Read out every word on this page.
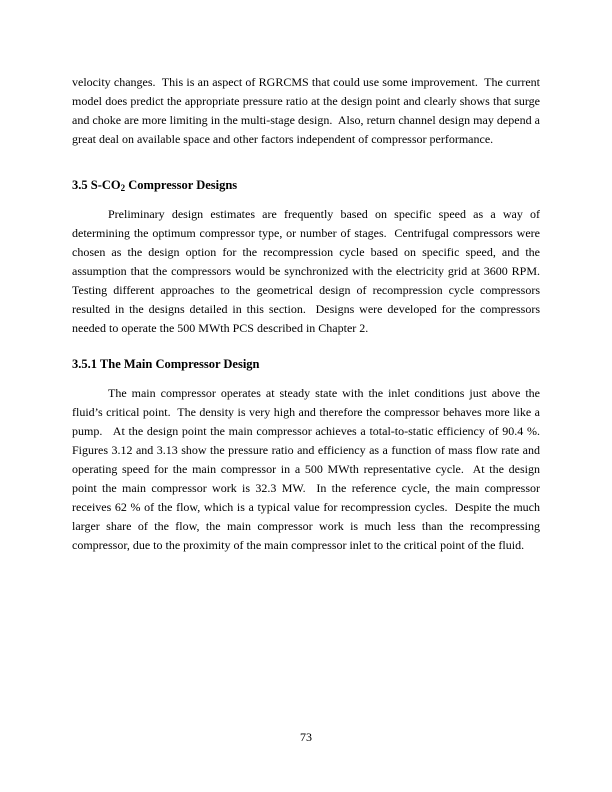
velocity changes.  This is an aspect of RGRCMS that could use some improvement.  The current model does predict the appropriate pressure ratio at the design point and clearly shows that surge and choke are more limiting in the multi-stage design.  Also, return channel design may depend a great deal on available space and other factors independent of compressor performance.

3.5 $S-CO_2$ Compressor Designs

Preliminary design estimates are frequently based on specific speed as a way of determining the optimum compressor type, or number of stages.  Centrifugal compressors were chosen as the design option for the recompression cycle based on specific speed, and the assumption that the compressors would be synchronized with the electricity grid at 3600 RPM.  Testing different approaches to the geometrical design of recompression cycle compressors resulted in the designs detailed in this section.  Designs were developed for the compressors needed to operate the 500 MWth PCS described in Chapter 2.

3.5.1 The Main Compressor Design

The main compressor operates at steady state with the inlet conditions just above the fluid’s critical point.  The density is very high and therefore the compressor behaves more like a pump.   At the design point the main compressor achieves a total-to-static efficiency of 90.4 %.  Figures 3.12 and 3.13 show the pressure ratio and efficiency as a function of mass flow rate and operating speed for the main compressor in a 500 MWth representative cycle.  At the design point the main compressor work is 32.3 MW.  In the reference cycle, the main compressor receives 62 % of the flow, which is a typical value for recompression cycles.  Despite the much larger share of the flow, the main compressor work is much less than the recompressing compressor, due to the proximity of the main compressor inlet to the critical point of the fluid.

73
